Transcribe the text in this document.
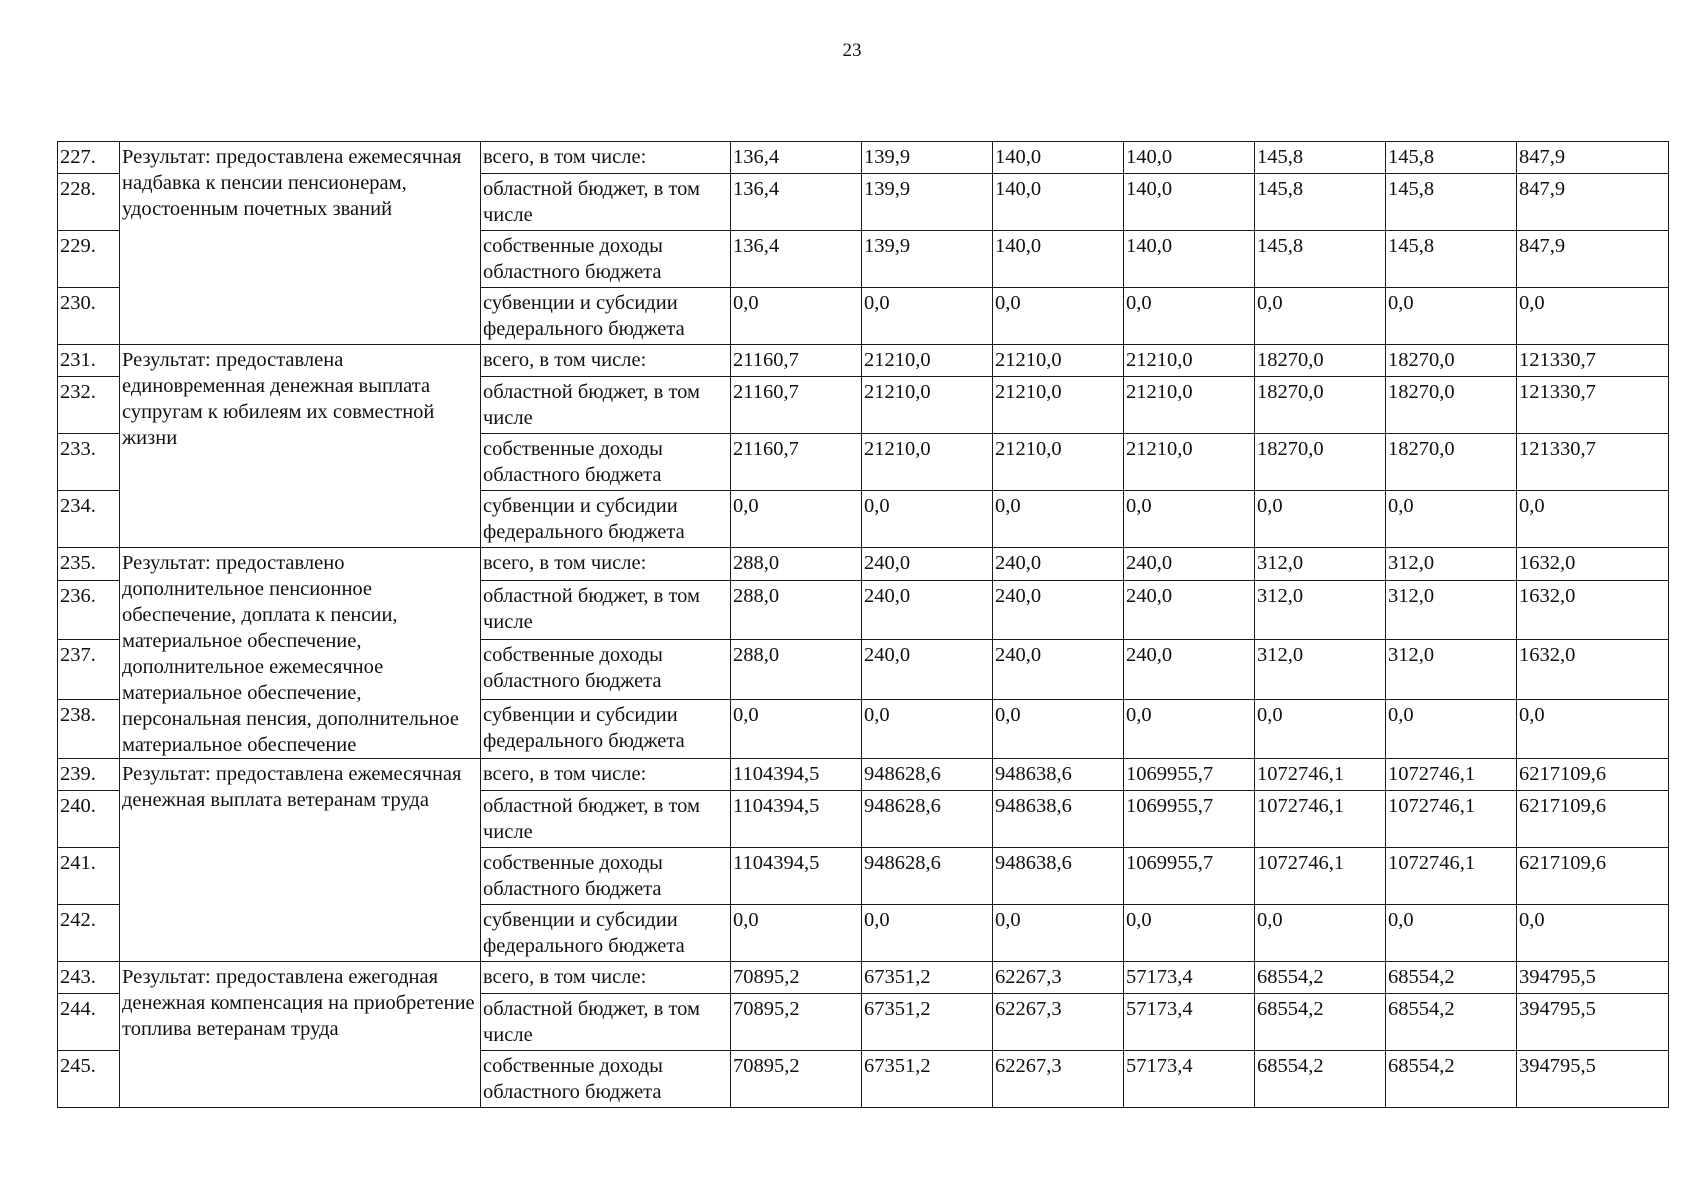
23
227.	Результат: предоставлена ежемесячная надбавка к пенсии пенсионерам, удостоенным почетных званий	всего, в том числе:	136,4	139,9	140,0	140,0	145,8	145,8	847,9
228.		областной бюджет, в том числе	136,4	139,9	140,0	140,0	145,8	145,8	847,9
229.		собственные доходы областного бюджета	136,4	139,9	140,0	140,0	145,8	145,8	847,9
230.		субвенции и субсидии федерального бюджета	0,0	0,0	0,0	0,0	0,0	0,0	0,0
231.	Результат: предоставлена единовременная денежная выплата супругам к юбилеям их совместной жизни	всего, в том числе:	21160,7	21210,0	21210,0	21210,0	18270,0	18270,0	121330,7
232.		областной бюджет, в том числе	21160,7	21210,0	21210,0	21210,0	18270,0	18270,0	121330,7
233.		собственные доходы областного бюджета	21160,7	21210,0	21210,0	21210,0	18270,0	18270,0	121330,7
234.		субвенции и субсидии федерального бюджета	0,0	0,0	0,0	0,0	0,0	0,0	0,0
235.	Результат: предоставлено дополнительное пенсионное обеспечение, доплата к пенсии, материальное обеспечение, дополнительное ежемесячное материальное обеспечение, персональная пенсия, дополнительное материальное обеспечение	всего, в том числе:	288,0	240,0	240,0	240,0	312,0	312,0	1632,0
236.		областной бюджет, в том числе	288,0	240,0	240,0	240,0	312,0	312,0	1632,0
237.		собственные доходы областного бюджета	288,0	240,0	240,0	240,0	312,0	312,0	1632,0
238.		субвенции и субсидии федерального бюджета	0,0	0,0	0,0	0,0	0,0	0,0	0,0
239.	Результат: предоставлена ежемесячная денежная выплата ветеранам труда	всего, в том числе:	1104394,5	948628,6	948638,6	1069955,7	1072746,1	1072746,1	6217109,6
240.		областной бюджет, в том числе	1104394,5	948628,6	948638,6	1069955,7	1072746,1	1072746,1	6217109,6
241.		собственные доходы областного бюджета	1104394,5	948628,6	948638,6	1069955,7	1072746,1	1072746,1	6217109,6
242.		субвенции и субсидии федерального бюджета	0,0	0,0	0,0	0,0	0,0	0,0	0,0
243.	Результат: предоставлена ежегодная денежная компенсация на приобретение топлива ветеранам труда	всего, в том числе:	70895,2	67351,2	62267,3	57173,4	68554,2	68554,2	394795,5
244.		областной бюджет, в том числе	70895,2	67351,2	62267,3	57173,4	68554,2	68554,2	394795,5
245.		собственные доходы областного бюджета	70895,2	67351,2	62267,3	57173,4	68554,2	68554,2	394795,5
